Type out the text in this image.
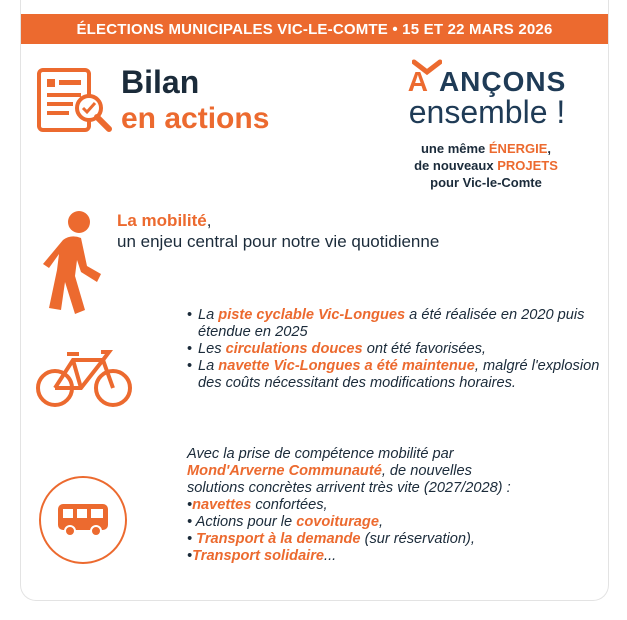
ÉLECTIONS MUNICIPALES VIC-LE-COMTE • 15 ET 22 MARS 2026
Bilan
en actions
A ANÇONS
ensemble !
une même ÉNERGIE,
de nouveaux PROJETS
pour Vic-le-Comte
La mobilité,
un enjeu central pour notre vie quotidienne
• La piste cyclable Vic-Longues a été réalisée en 2020 puis étendue en 2025
• Les circulations douces ont été favorisées,
• La navette Vic-Longues a été maintenue, malgré l'explosion des coûts nécessitant des modifications horaires.
Avec la prise de compétence mobilité par
Mond'Arverne Communauté, de nouvelles
solutions concrètes arrivent très vite (2027/2028) :
•navettes confortées,
• Actions pour le covoiturage,
• Transport à la demande (sur réservation),
•Transport solidaire...
